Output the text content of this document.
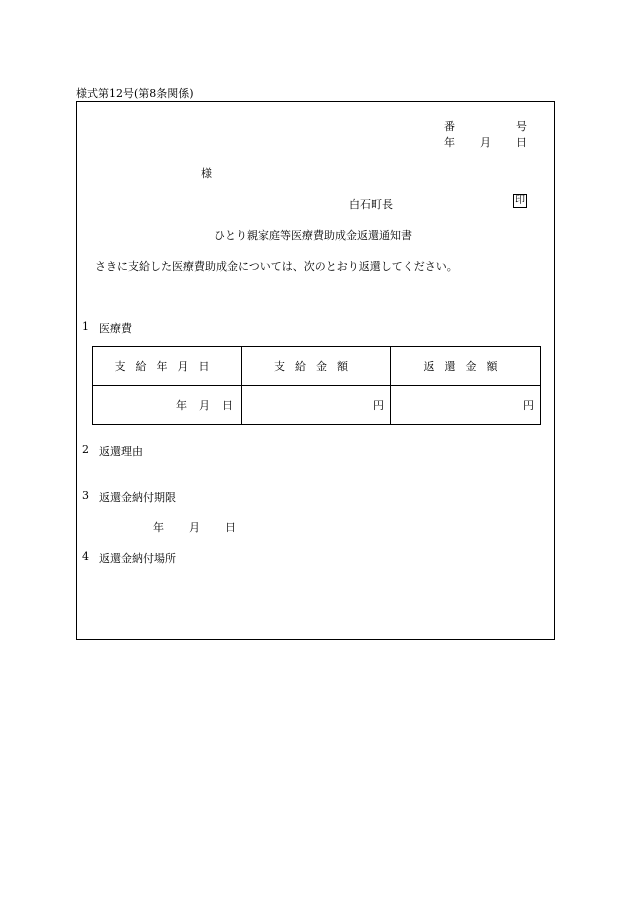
様式第12号(第8条関係)
番	号
年 月 日
様
白石町長	印
ひとり親家庭等医療費助成金返還通知書
さきに支給した医療費助成金については、次のとおり返還してください。
1 医療費
支給年月日	支給金額	返還金額
年 月 日	円	円
2 返還理由
3 返還金納付期限
年 月 日
4 返還金納付場所
